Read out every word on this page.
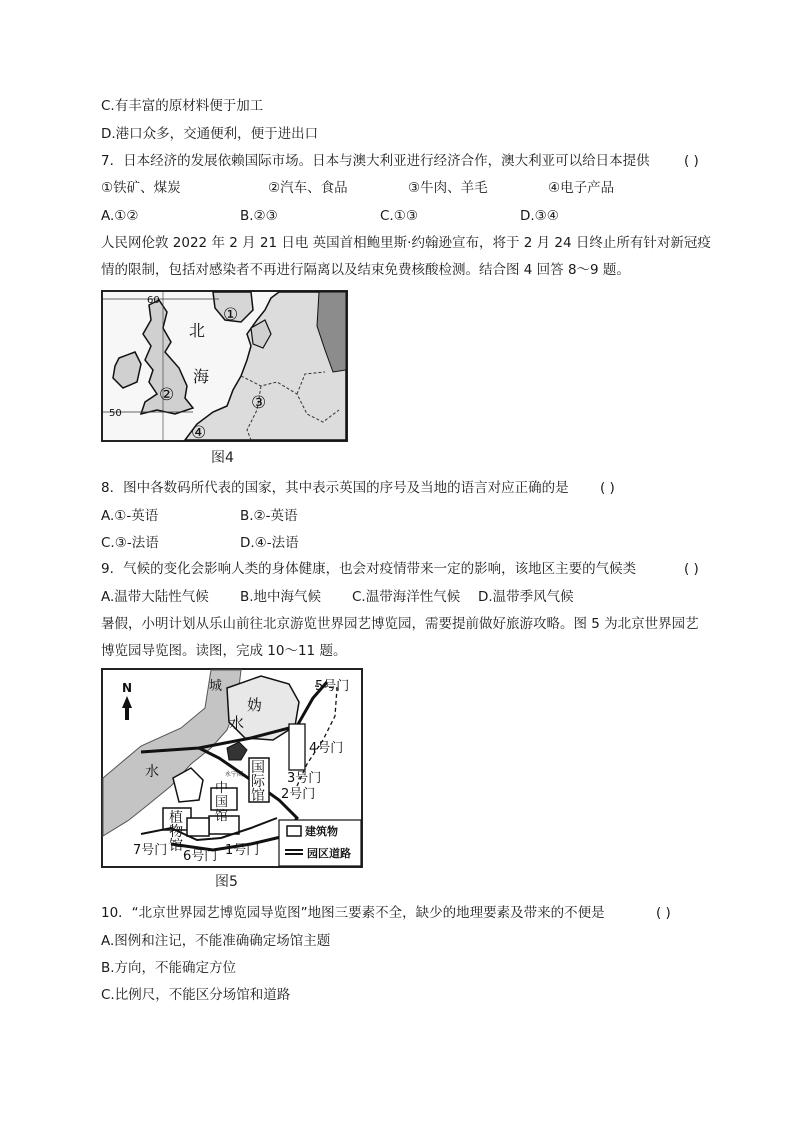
C.有丰富的原材料便于加工
D.港口众多，交通便利，便于进出口
7．日本经济的发展依赖国际市场。日本与澳大利亚进行经济合作，澳大利亚可以给日本提供	( )
①铁矿、煤炭	②汽车、食品	③牛肉、羊毛	④电子产品
A.①②	B.②③	C.①③	D.③④
人民网伦敦 2022 年 2 月 21 日电 英国首相鲍里斯·约翰逊宣布，将于 2 月 24 日终止所有针对新冠疫
情的限制，包括对感染者不再进行隔离以及结束免费核酸检测。结合图 4 回答 8～9 题。
60
50
北
海
①
②	③
④
图4
8．图中各数码所代表的国家，其中表示英国的序号及当地的语言对应正确的是 ( )
A.①-英语	B.②-英语
C.③-法语	D.④-法语
9．气候的变化会影响人类的身体健康，也会对疫情带来一定的影响，该地区主要的气候类	( )
A.温带大陆性气候 B.地中海气候 C.温带海洋性气候 D.温带季风气候
暑假，小明计划从乐山前往北京游览世界园艺博览园，需要提前做好旅游攻略。图 5 为北京世界园艺
博览园导览图。读图，完成 10～11 题。
N	城
妫
水
水
5号门
4号门
3号门
2号门
7号门 6号门 1号门
国
际
馆
中
国
馆
植
物
馆
永宁阁
建筑物
园区道路
图5
10．“北京世界园艺博览园导览图”地图三要素不全，缺少的地理要素及带来的不便是	( )
A.图例和注记，不能准确确定场馆主题
B.方向，不能确定方位
C.比例尺，不能区分场馆和道路
